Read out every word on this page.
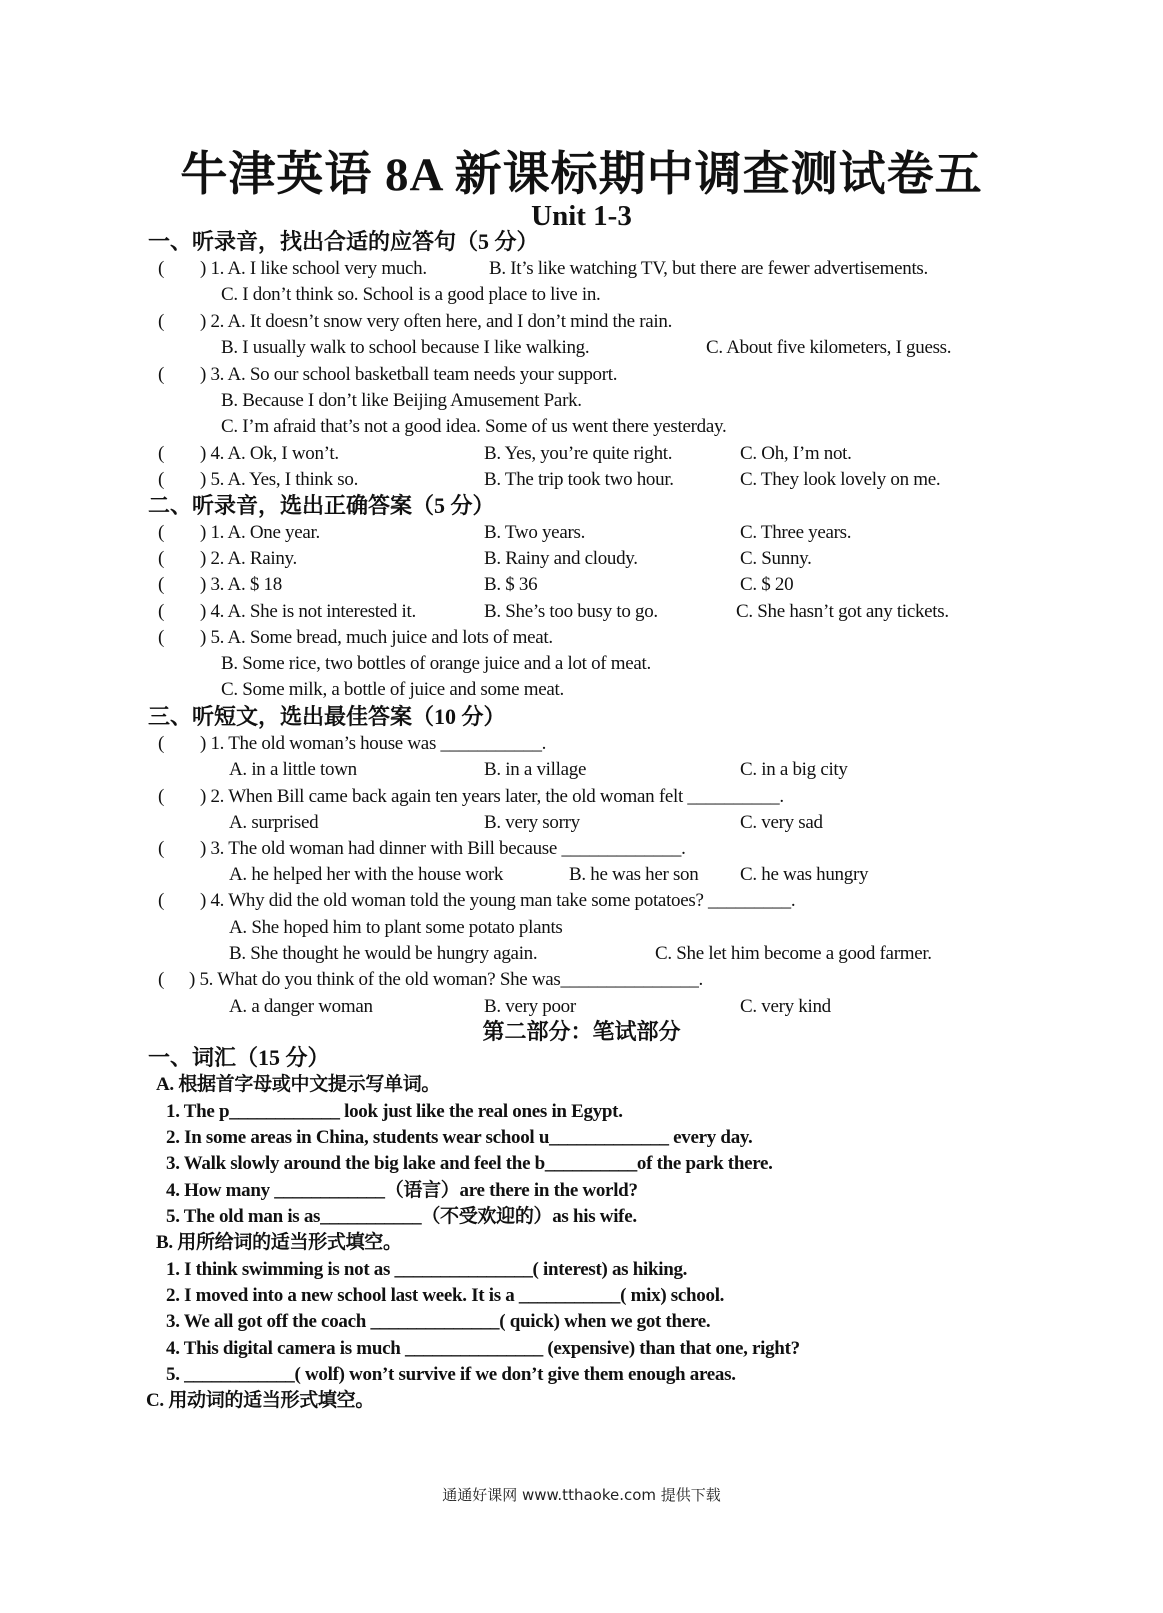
牛津英语 8A 新课标期中调查测试卷五
Unit 1-3
一、听录音，找出合适的应答句（5 分）
( ) 1. A. I like school very much.	B. It’s like watching TV, but there are fewer advertisements.
C. I don’t think so. School is a good place to live in.
( ) 2. A. It doesn’t snow very often here, and I don’t mind the rain.
B. I usually walk to school because I like walking.	C. About five kilometers, I guess.
( ) 3. A. So our school basketball team needs your support.
B. Because I don’t like Beijing Amusement Park.
C. I’m afraid that’s not a good idea. Some of us went there yesterday.
( ) 4. A. Ok, I won’t.	B. Yes, you’re quite right.	C. Oh, I’m not.
( ) 5. A. Yes, I think so.	B. The trip took two hour.	C. They look lovely on me.
二、听录音，选出正确答案（5 分）
( ) 1. A. One year.	B. Two years.	C. Three years.
( ) 2. A. Rainy.	B. Rainy and cloudy.	C. Sunny.
( ) 3. A. $ 18	B. $ 36	C. $ 20
( ) 4. A. She is not interested it.	B. She’s too busy to go.	C. She hasn’t got any tickets.
( ) 5. A. Some bread, much juice and lots of meat.
B. Some rice, two bottles of orange juice and a lot of meat.
C. Some milk, a bottle of juice and some meat.
三、听短文，选出最佳答案（10 分）
( ) 1. The old woman’s house was ___________.
A. in a little town	B. in a village	C. in a big city
( ) 2. When Bill came back again ten years later, the old woman felt __________.
A. surprised	B. very sorry	C. very sad
( ) 3. The old woman had dinner with Bill because _____________.
A. he helped her with the house work	B. he was her son C. he was hungry
( ) 4. Why did the old woman told the young man take some potatoes? _________.
A. She hoped him to plant some potato plants
B. She thought he would be hungry again.	C. She let him become a good farmer.
( ) 5. What do you think of the old woman? She was_______________.
A. a danger woman	B. very poor	C. very kind
第二部分：笔试部分
一、词汇（15 分）
A. 根据首字母或中文提示写单词。
1. The p____________ look just like the real ones in Egypt.
2. In some areas in China, students wear school u_____________ every day.
3. Walk slowly around the big lake and feel the b__________of the park there.
4. How many ____________（语言）are there in the world?
5. The old man is as___________（不受欢迎的）as his wife.
B. 用所给词的适当形式填空。
1. I think swimming is not as _______________( interest) as hiking.
2. I moved into a new school last week. It is a ___________( mix) school.
3. We all got off the coach ______________( quick) when we got there.
4. This digital camera is much _______________ (expensive) than that one, right?
5. ____________( wolf) won’t survive if we don’t give them enough areas.
C. 用动词的适当形式填空。
通通好课网 www.tthaoke.com 提供下载
